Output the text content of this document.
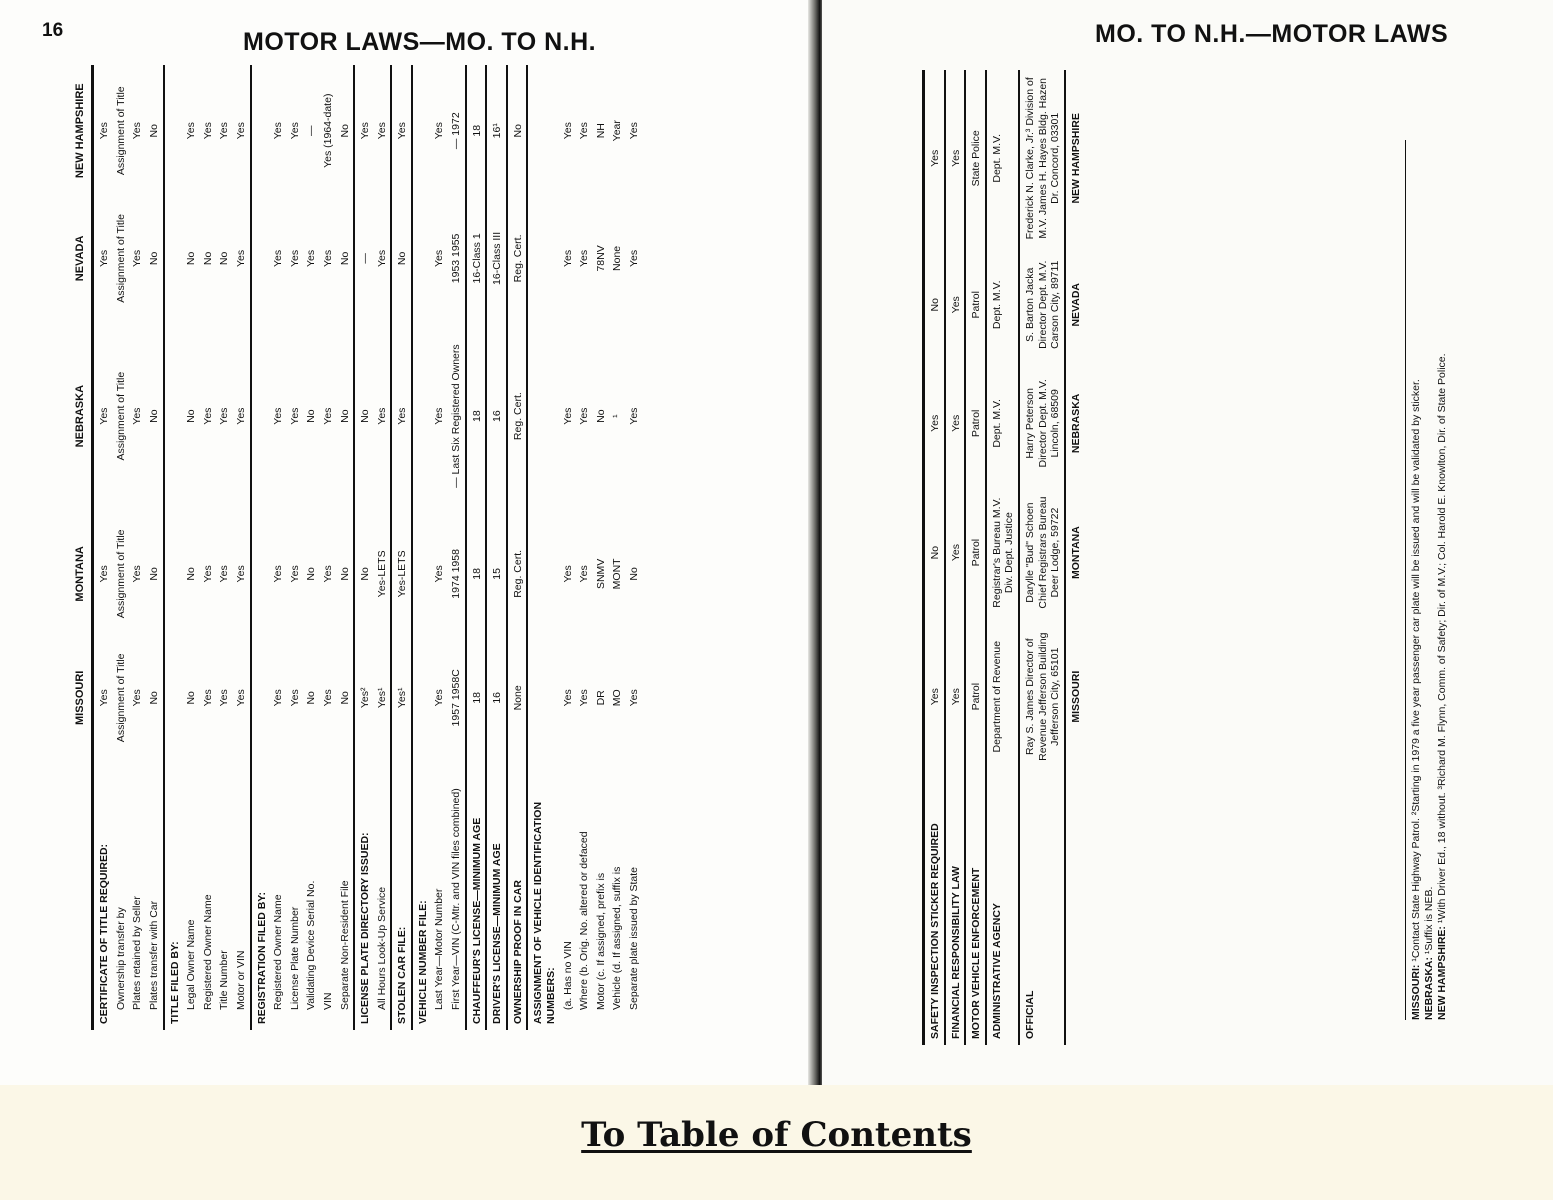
16	MOTOR LAWS—MO. TO N.H.
	MISSOURI	MONTANA	NEBRASKA	NEVADA	NEW HAMPSHIRE
CERTIFICATE OF TITLE REQUIRED:	Yes	Yes	Yes	Yes	Yes

Ownership transfer by	Assignment of Title	Assignment of Title	Assignment of Title	Assignment of Title	Assignment of Title

Plates retained by Seller	Yes	Yes	Yes	Yes	Yes

Plates transfer with Car	No	No	No	No	No
TITLE FILED BY:					

Legal Owner Name	No	No	No	No	Yes

Registered Owner Name	Yes	Yes	Yes	No	Yes

Title Number	Yes	Yes	Yes	No	Yes

Motor or VIN	Yes	Yes	Yes	Yes	Yes
REGISTRATION FILED BY:					

Registered Owner Name	Yes	Yes	Yes	Yes	Yes

License Plate Number	Yes	Yes	Yes	Yes	Yes

Validating Device Serial No.	No	No	No	Yes	—

VIN	Yes	Yes	Yes	Yes	Yes (1964-date)

Separate Non-Resident File	No	No	No	No	No
LICENSE PLATE DIRECTORY ISSUED:	Yes²	No	No	—	Yes

All Hours Look-Up Service	Yes¹	Yes-LETS	Yes	Yes	Yes
STOLEN CAR FILE:	Yes¹	Yes-LETS	Yes	No	Yes
VEHICLE NUMBER FILE:					

Last Year—Motor Number	Yes	Yes	Yes	Yes	Yes

First Year—VIN (C-Mtr. and VIN files combined)	1957 1958C	1974 1958	— Last Six Registered Owners	1953 1955	— 1972
CHAUFFEUR'S LICENSE—MINIMUM AGE	18	18	18	16-Class 1	18
DRIVER'S LICENSE—MINIMUM AGE	16	15	16	16-Class III	16¹
OWNERSHIP PROOF IN CAR	None	Reg. Cert.	Reg. Cert.	Reg. Cert.	No
ASSIGNMENT OF VEHICLE IDENTIFICATION NUMBERS:					

(a. Has no VIN	Yes	Yes	Yes	Yes	Yes

Where (b. Orig. No. altered or defaced	Yes	Yes	Yes	Yes	Yes

Motor (c. If assigned, prefix is	DR	SNMV	No	78NV	NH

Vehicle (d. If assigned, suffix is	MO	MONT	¹	None	Year

Separate plate issued by State	Yes	No	Yes	Yes	Yes
MO. TO N.H.—MOTOR LAWS
SAFETY INSPECTION STICKER REQUIRED	Yes	No	Yes	No	Yes
FINANCIAL RESPONSIBILITY LAW	Yes	Yes	Yes	Yes	Yes
MOTOR VEHICLE ENFORCEMENT	Patrol	Patrol	Patrol	Patrol	State Police
ADMINISTRATIVE AGENCY	Department of Revenue	Registrar's Bureau M.V. Div. Dept. Justice	Dept. M.V.	Dept. M.V.	Dept. M.V.
OFFICIAL	Ray S. James Director of Revenue Jefferson Building Jefferson City, 65101	Darylle "Bud" Schoen Chief Registrars Bureau Deer Lodge, 59722	Harry Peterson Director Dept. M.V. Lincoln, 68509	S. Barton Jacka Director Dept. M.V. Carson City, 89711	Frederick N. Clarke, Jr.³ Division of M.V. James H. Hayes Bldg. Hazen Dr. Concord, 03301
	MISSOURI	MONTANA	NEBRASKA	NEVADA	NEW HAMPSHIRE
MISSOURI: ¹Contact State Highway Patrol. ²Starting in 1979 a five year passenger car plate will be issued and will be validated by sticker.
NEBRASKA: ¹Suffix is NEB.
NEW HAMPSHIRE: ¹With Driver Ed., 18 without. ³Richard M. Flynn, Comm. of Safety; Dir. of M.V.; Col. Harold E. Knowlton, Dir. of State Police.
To Table of Contents
